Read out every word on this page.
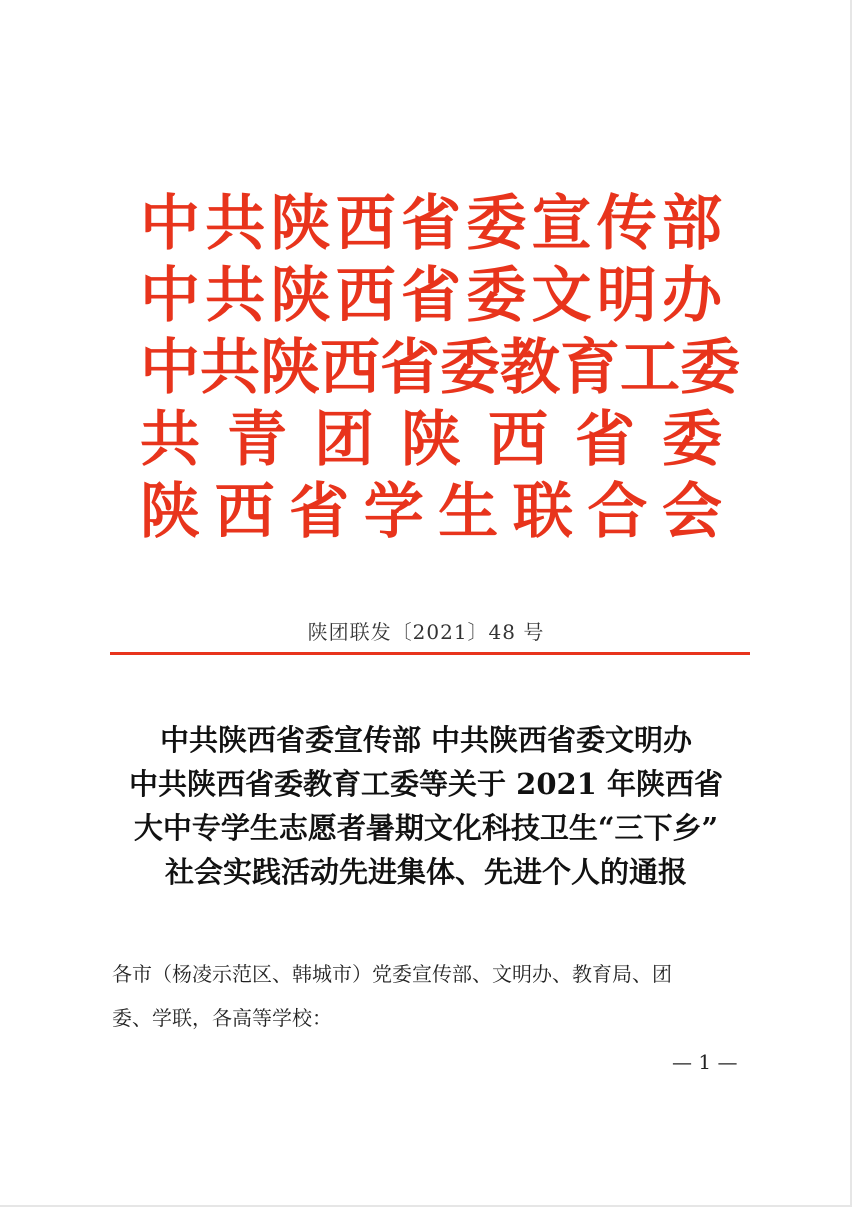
中 共 陕 西 省 委 宣 传 部
中 共 陕 西 省 委 文 明 办
中 共 陕 西 省 委 教 育 工 委
共 青 团 陕 西 省 委
陕 西 省 学 生 联 合 会
陕团联发〔2021〕48 号
中共陕西省委宣传部 中共陕西省委文明办
中共陕西省委教育工委等关于 2021 年陕西省
大中专学生志愿者暑期文化科技卫生“三下乡”
社会实践活动先进集体、先进个人的通报
各市（杨凌示范区、韩城市）党委宣传部、文明办、教育局、团
委、学联，各高等学校：
— 1 —
